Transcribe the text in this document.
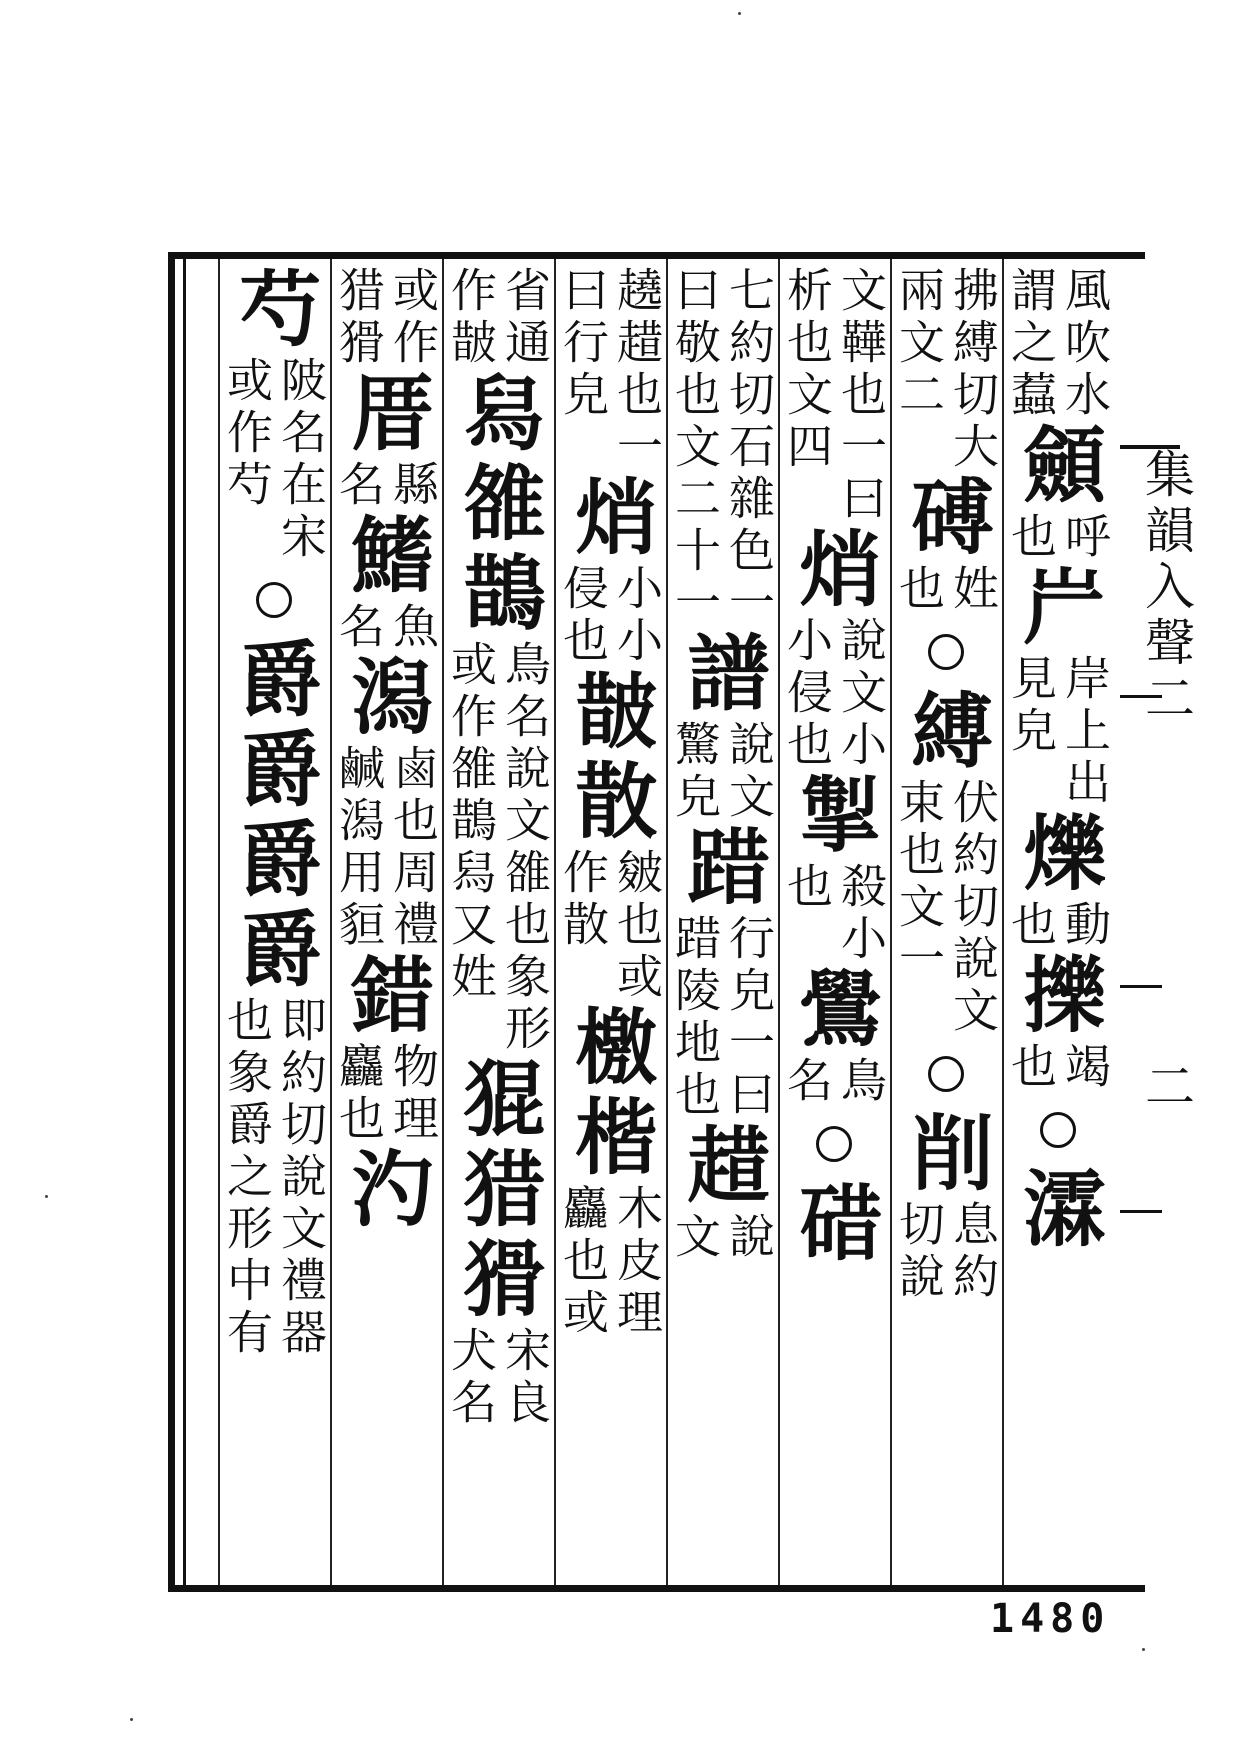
風吹水
謂之蠚
顩
呼
也
屵
岸上出
見皃
爍
動
也
擽
竭
也
瀮
拂縛切大
兩文二
磗
姓
也
縛
伏約切說文
束也文一
削
息約
切說
文鞾也一曰
析也文四
焇
說文小
小侵也
掣
殺小
也
鷽
鳥
名
碏
七約切石雜色一
曰敬也文二十一
譜
說文
驚皃
踖
行皃一曰
踖陵地也
趞
說
文
趬趞也一
曰行皃
焇
小小
侵也
皵散
皴也或
作散
檄楷
木皮理
麤也或
省通
作皵
舄雒鵲
鳥名說文雒也象形
或作雒鵲舄又姓
猑猎猾
宋良
犬名
或作
猎猾
厝
縣
名
鰭
魚
名
潟
鹵也周禮
鹹潟用貆
錯
物理
麤也
汋
芍
陂名在宋
或作芍
爵爵爵爵
即約切說文禮器
也象爵之形中有
集韻入聲二
二
1480
